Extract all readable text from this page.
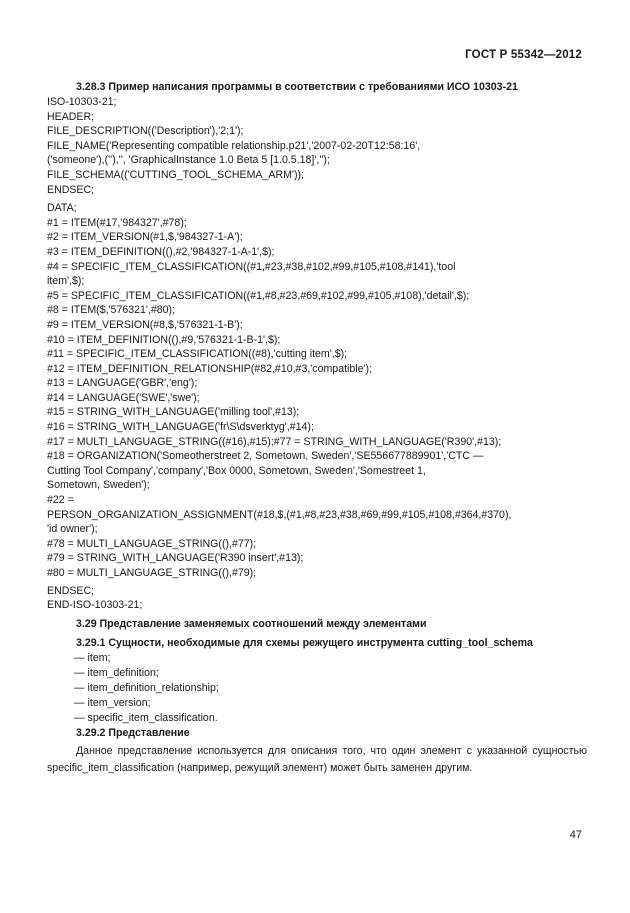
ГОСТ Р 55342—2012
3.28.3 Пример написания программы в соответствии с требованиями ИСО 10303-21
ISO-10303-21;
HEADER;
FILE_DESCRIPTION(('Description'),'2;1');
FILE_NAME('Representing compatible relationship.p21','2007-02-20T12:58:16',
('someone'),(''),'', 'GraphicalInstance 1.0 Beta 5 [1.0.5.18]','');
FILE_SCHEMA(('CUTTING_TOOL_SCHEMA_ARM'));
ENDSEC;
DATA;
#1 = ITEM(#17,'984327',#78);
#2 = ITEM_VERSION(#1,$,'984327-1-A');
#3 = ITEM_DEFINITION((),#2,'984327-1-A-1',$);
#4 = SPECIFIC_ITEM_CLASSIFICATION((#1,#23,#38,#102,#99,#105,#108,#141),'tool
item',$);
#5 = SPECIFIC_ITEM_CLASSIFICATION((#1,#8,#23,#69,#102,#99,#105,#108),'detail',$);
#8 = ITEM($,'576321',#80);
#9 = ITEM_VERSION(#8,$,'576321-1-B');
#10 = ITEM_DEFINITION((),#9,'576321-1-B-1',$);
#11 = SPECIFIC_ITEM_CLASSIFICATION((#8),'cutting item',$);
#12 = ITEM_DEFINITION_RELATIONSHIP(#82,#10,#3,'compatible');
#13 = LANGUAGE('GBR','eng');
#14 = LANGUAGE('SWE','swe');
#15 = STRING_WITH_LANGUAGE('milling tool',#13);
#16 = STRING_WITH_LANGUAGE('fr\S\dsverktyg',#14);
#17 = MULTI_LANGUAGE_STRING((#16),#15);#77 = STRING_WITH_LANGUAGE('R390',#13);
#18 = ORGANIZATION('Someotherstreet 2, Sometown, Sweden','SE556677889901','CTC —
Cutting Tool Company','company','Box 0000, Sometown, Sweden','Somestreet 1,
Sometown, Sweden');
#22 =
PERSON_ORGANIZATION_ASSIGNMENT(#18,$,(#1,#8,#23,#38,#69,#99,#105,#108,#364,#370),
'id owner');
#78 = MULTI_LANGUAGE_STRING((),#77);
#79 = STRING_WITH_LANGUAGE('R390 insert',#13);
#80 = MULTI_LANGUAGE_STRING((),#79);
ENDSEC;
END-ISO-10303-21;
3.29 Представление заменяемых соотношений между элементами
3.29.1 Сущности, необходимые для схемы режущего инструмента cutting_tool_schema
— item;
— item_definition;
— item_definition_relationship;
— item_version;
— specific_item_classification.
3.29.2 Представление
Данное представление используется для описания того, что один элемент с указанной сущностью specific_item_classification (например, режущий элемент) может быть заменен другим.
47
